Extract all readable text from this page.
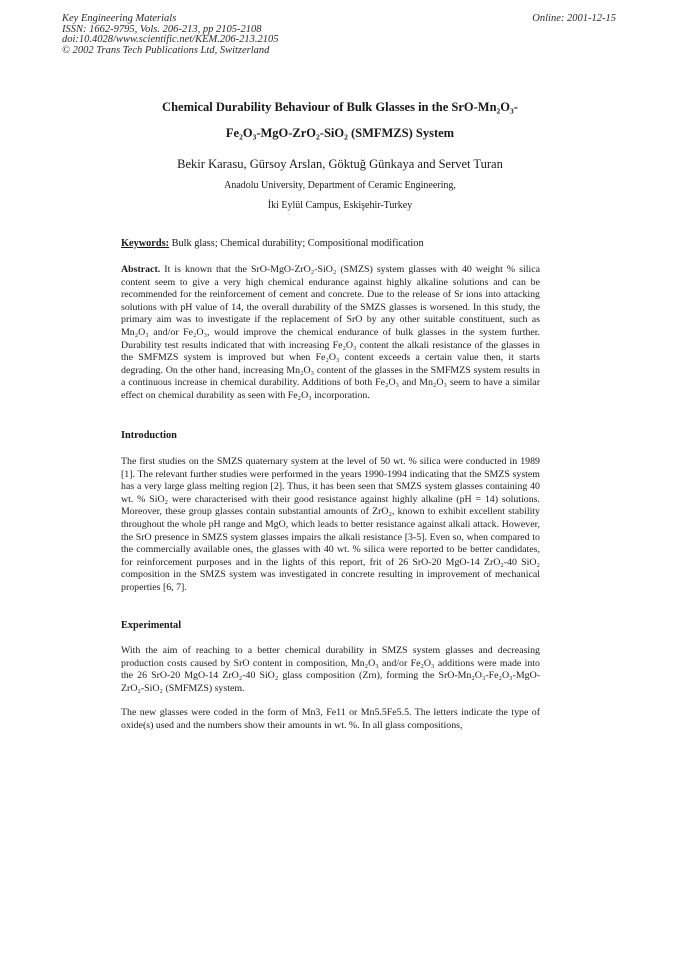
Key Engineering Materials
ISSN: 1662-9795, Vols. 206-213, pp 2105-2108
doi:10.4028/www.scientific.net/KEM.206-213.2105
© 2002 Trans Tech Publications Ltd, Switzerland
Online: 2001-12-15
Chemical Durability Behaviour of Bulk Glasses in the SrO-Mn₂O₃-
Fe₂O₃-MgO-ZrO₂-SiO₂ (SMFMZS) System
Bekir Karasu, Gürsoy Arslan, Göktuğ Günkaya and Servet Turan
Anadolu University, Department of Ceramic Engineering,
İki Eylül Campus, Eskişehir-Turkey
Keywords: Bulk glass; Chemical durability; Compositional modification
Abstract. It is known that the SrO-MgO-ZrO₂-SiO₂ (SMZS) system glasses with 40 weight % silica content seem to give a very high chemical endurance against highly alkaline solutions and can be recommended for the reinforcement of cement and concrete. Due to the release of Sr ions into attacking solutions with pH value of 14, the overall durability of the SMZS glasses is worsened. In this study, the primary aim was to investigate if the replacement of SrO by any other suitable constituent, such as Mn₂O₃ and/or Fe₂O₃, would improve the chemical endurance of bulk glasses in the system further. Durability test results indicated that with increasing Fe₂O₃ content the alkali resistance of the glasses in the SMFMZS system is improved but when Fe₂O₃ content exceeds a certain value then, it starts degrading. On the other hand, increasing Mn₂O₃ content of the glasses in the SMFMZS system results in a continuous increase in chemical durability. Additions of both Fe₂O₃ and Mn₂O₃ seem to have a similar effect on chemical durability as seen with Fe₂O₃ incorporation.
Introduction
The first studies on the SMZS quaternary system at the level of 50 wt. % silica were conducted in 1989 [1]. The relevant further studies were performed in the years 1990-1994 indicating that the SMZS system has a very large glass melting region [2]. Thus, it has been seen that SMZS system glasses containing 40 wt. % SiO₂ were characterised with their good resistance against highly alkaline (pH = 14) solutions. Moreover, these group glasses contain substantial amounts of ZrO₂, known to exhibit excellent stability throughout the whole pH range and MgO, which leads to better resistance against alkali attack. However, the SrO presence in SMZS system glasses impairs the alkali resistance [3-5]. Even so, when compared to the commercially available ones, the glasses with 40 wt. % silica were reported to be better candidates, for reinforcement purposes and in the lights of this report, frit of 26 SrO-20 MgO-14 ZrO₂-40 SiO₂ composition in the SMZS system was investigated in concrete resulting in improvement of mechanical properties [6, 7].
Experimental
With the aim of reaching to a better chemical durability in SMZS system glasses and decreasing production costs caused by SrO content in composition, Mn₂O₃ and/or Fe₂O₃ additions were made into the 26 SrO-20 MgO-14 ZrO₂-40 SiO₂ glass composition (Zrn), forming the SrO-Mn₂O₃-Fe₂O₃-MgO-ZrO₂-SiO₂ (SMFMZS) system.
The new glasses were coded in the form of Mn3, Fe11 or Mn5.5Fe5.5. The letters indicate the type of oxide(s) used and the numbers show their amounts in wt. %. In all glass compositions,
